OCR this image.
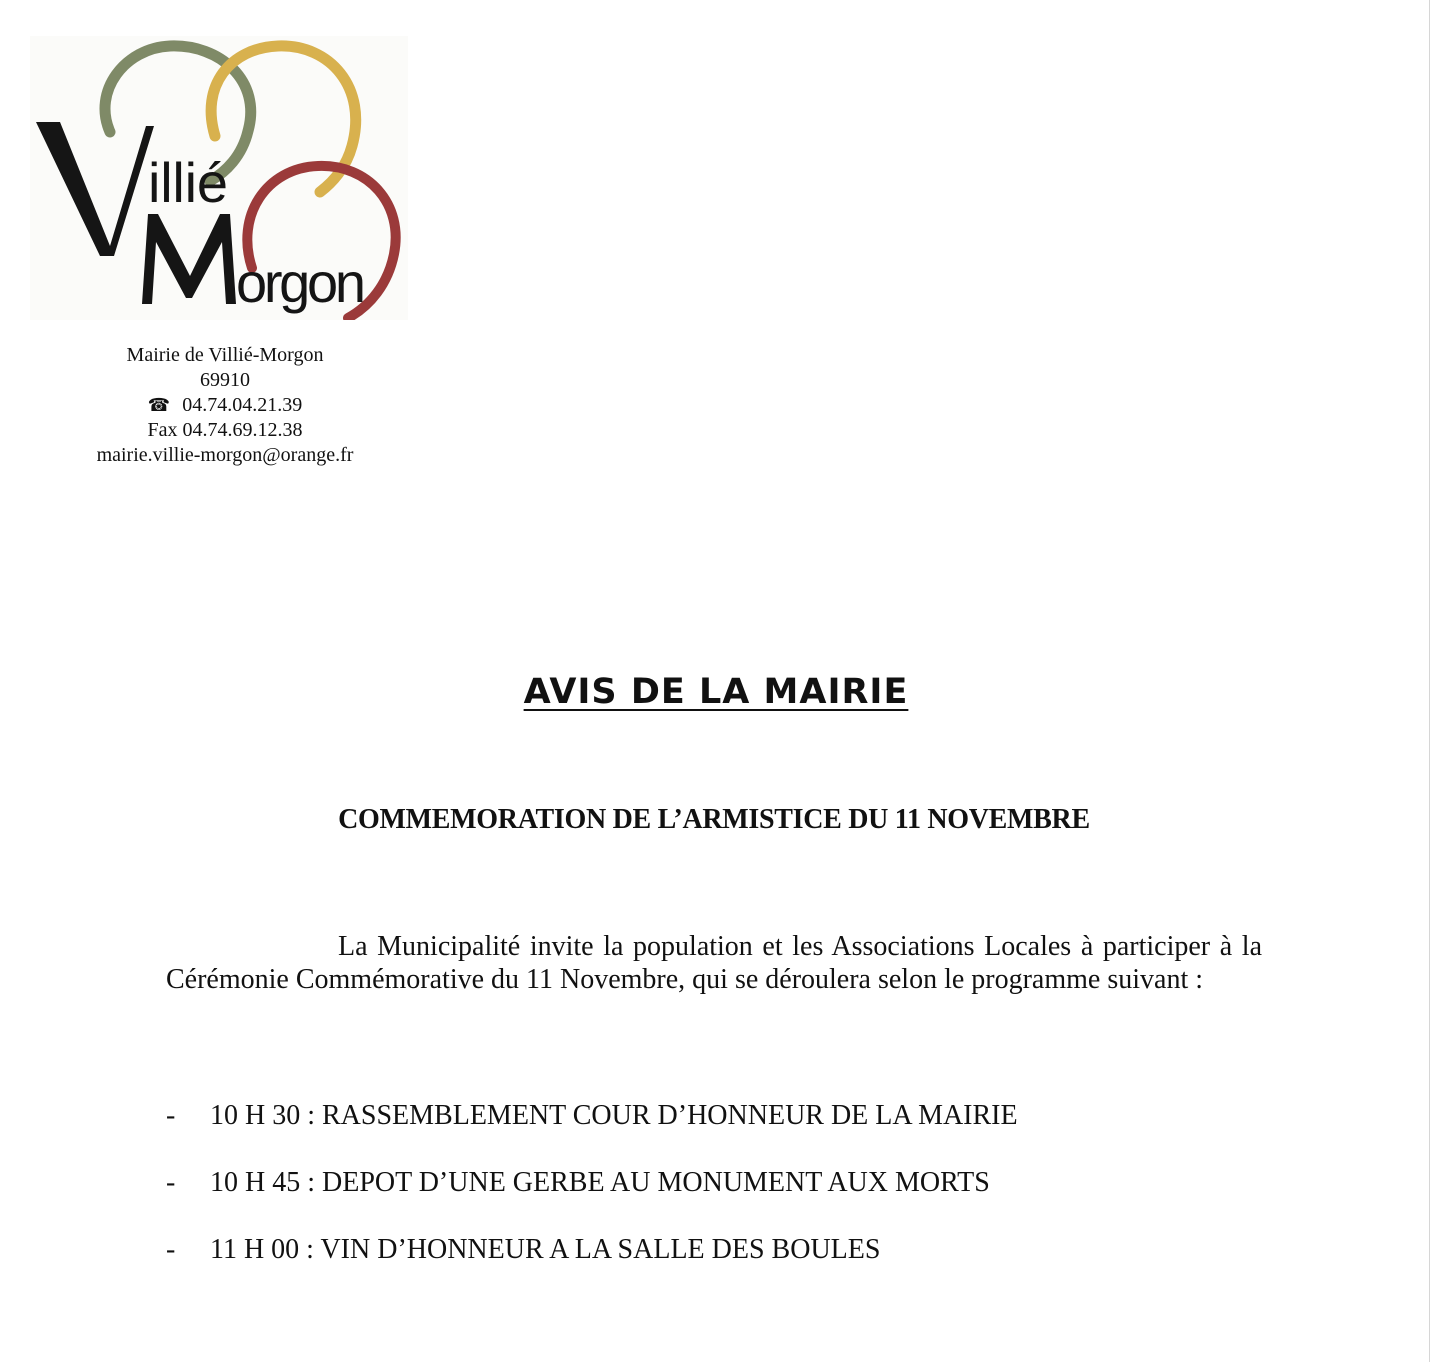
illié
orgon
Mairie de Villié-Morgon
69910
☎ 04.74.04.21.39
Fax 04.74.69.12.38
mairie.villie-morgon@orange.fr
AVIS DE LA MAIRIE
COMMEMORATION DE L’ARMISTICE DU 11 NOVEMBRE

La Municipalité invite la population et les Associations Locales à participer à la Cérémonie Commémorative du 11 Novembre, qui se déroulera selon le programme suivant :

- 10 H 30 : RASSEMBLEMENT COUR D’HONNEUR DE LA MAIRIE
- 10 H 45 : DEPOT D’UNE GERBE AU MONUMENT AUX MORTS
- 11 H 00 : VIN D’HONNEUR A LA SALLE DES BOULES
